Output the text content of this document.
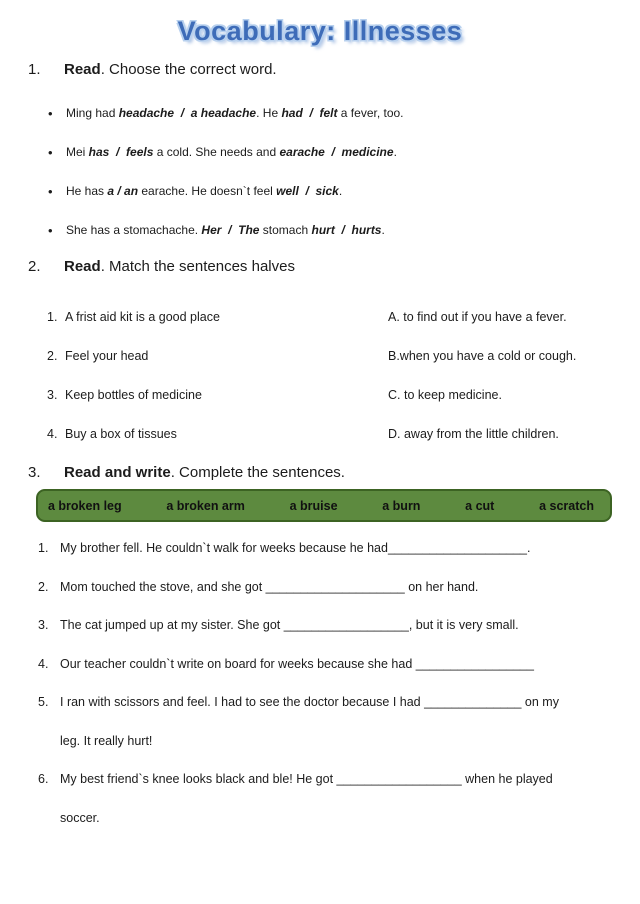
Vocabulary: Illnesses
1.	Read. Choose the correct word.
•	Ming had headache  /  a headache. He had  /  felt a fever, too.
•	Mei has  /  feels a cold. She needs and earache  /  medicine.
•	He has a / an earache. He doesn`t feel well  /  sick.
•	She has a stomachache. Her  /  The stomach hurt  /  hurts.
2.	Read. Match the sentences halves
1. A frist aid kit is a good place	A. to find out if you have a fever.
2. Feel your head	B.when you have a cold or cough.
3. Keep bottles of medicine	C. to keep medicine.
4. Buy a box of tissues	D. away from the little children.
3.	Read and write. Complete the sentences.
a broken leg	a broken arm	a bruise	a burn	a cut	a scratch
1. My brother fell. He couldn`t walk for weeks because he had____________________.
2. Mom touched the stove, and she got ____________________ on her hand.
3. The cat jumped up at my sister. She got __________________, but it is very small.
4. Our teacher couldn`t write on board for weeks because she had _________________
5. I ran with scissors and feel. I had to see the doctor because I had ______________ on my
leg. It really hurt!
6. My best friend`s knee looks black and ble! He got __________________ when he played
soccer.
